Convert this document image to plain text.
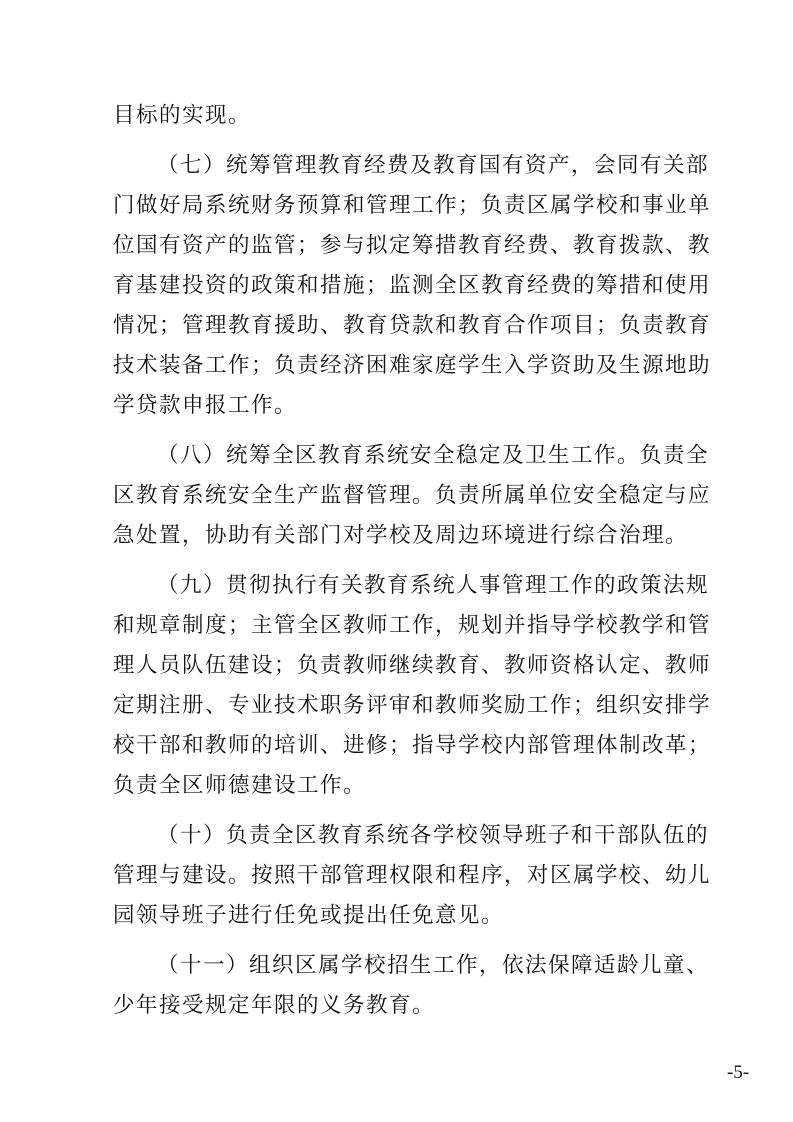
目标的实现。
（七）统筹管理教育经费及教育国有资产，会同有关部
门做好局系统财务预算和管理工作；负责区属学校和事业单
位国有资产的监管；参与拟定筹措教育经费、教育拨款、教
育基建投资的政策和措施；监测全区教育经费的筹措和使用
情况；管理教育援助、教育贷款和教育合作项目；负责教育
技术装备工作；负责经济困难家庭学生入学资助及生源地助
学贷款申报工作。
（八）统筹全区教育系统安全稳定及卫生工作。负责全
区教育系统安全生产监督管理。负责所属单位安全稳定与应
急处置，协助有关部门对学校及周边环境进行综合治理。
（九）贯彻执行有关教育系统人事管理工作的政策法规
和规章制度；主管全区教师工作，规划并指导学校教学和管
理人员队伍建设；负责教师继续教育、教师资格认定、教师
定期注册、专业技术职务评审和教师奖励工作；组织安排学
校干部和教师的培训、进修；指导学校内部管理体制改革；
负责全区师德建设工作。
（十）负责全区教育系统各学校领导班子和干部队伍的
管理与建设。按照干部管理权限和程序，对区属学校、幼儿
园领导班子进行任免或提出任免意见。
（十一）组织区属学校招生工作，依法保障适龄儿童、
少年接受规定年限的义务教育。
-5-
